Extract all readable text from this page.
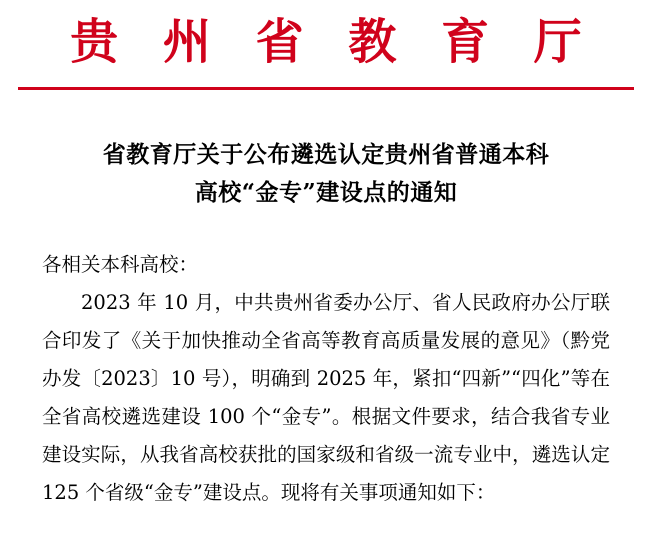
贵 州 省 教 育 厅
省教育厅关于公布遴选认定贵州省普通本科
高校“金专”建设点的通知

各相关本科高校：

2023 年 10 月，中共贵州省委办公厅、省人民政府办公厅联合印发了《关于加快推动全省高等教育高质量发展的意见》（黔党办发〔2023〕10 号），明确到 2025 年，紧扣“四新”“四化”等在全省高校遴选建设 100 个“金专”。根据文件要求，结合我省专业建设实际，从我省高校获批的国家级和省级一流专业中，遴选认定 125 个省级“金专”建设点。现将有关事项通知如下：
